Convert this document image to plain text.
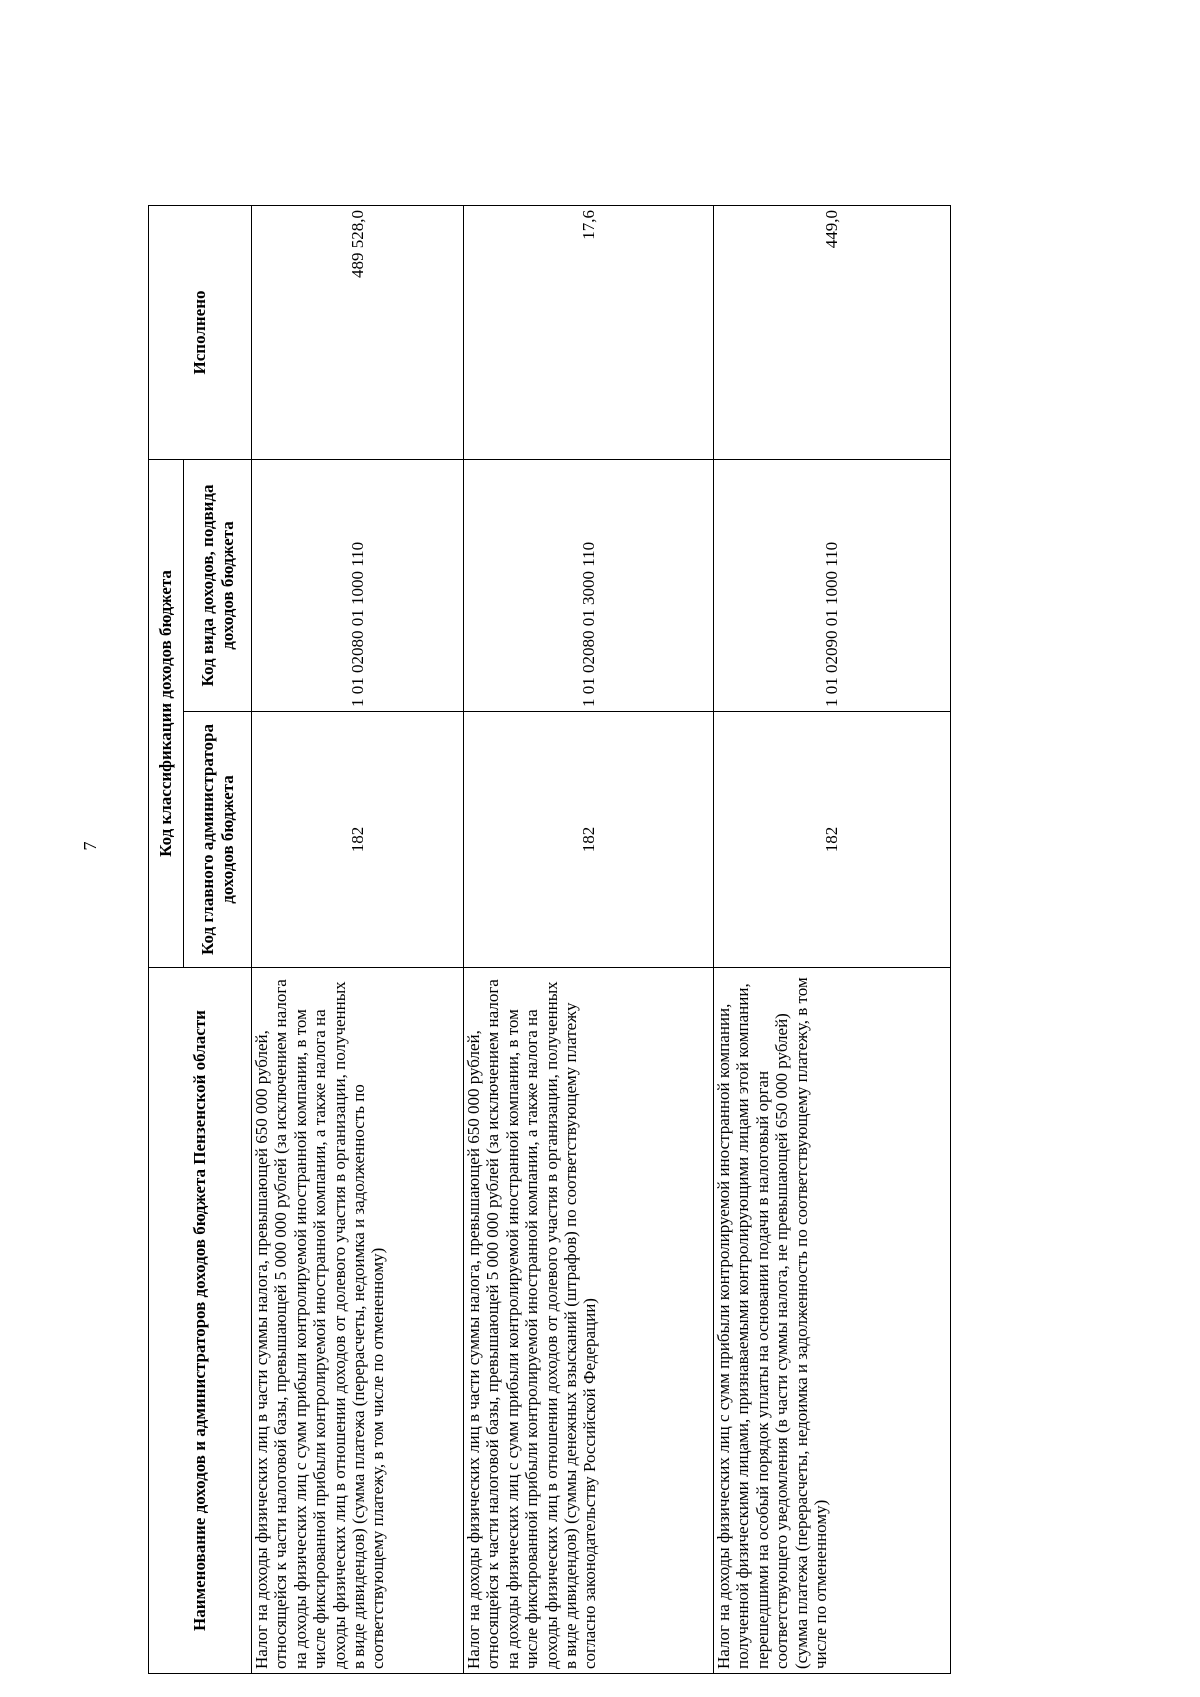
7
Наименование доходов и администраторов доходов бюджета Пензенской области	Код классификации доходов бюджета		Исполнено
	Код главного администратора доходов бюджета	Код вида доходов, подвида доходов бюджета	
Налог на доходы физических лиц в части суммы налога, превышающей 650 000 рублей, относящейся к части налоговой базы, превышающей 5 000 000 рублей (за исключением налога на доходы физических лиц с сумм прибыли контролируемой иностранной компании, в том числе фиксированной прибыли контролируемой иностранной компании, а также налога на доходы физических лиц в отношении доходов от долевого участия в организации, полученных в виде дивидендов) (сумма платежа (перерасчеты, недоимка и задолженность по соответствующему платежу, в том числе по отмененному)	182	1 01 02080 01 1000 110	489 528,0
Налог на доходы физических лиц в части суммы налога, превышающей 650 000 рублей, относящейся к части налоговой базы, превышающей 5 000 000 рублей (за исключением налога на доходы физических лиц с сумм прибыли контролируемой иностранной компании, в том числе фиксированной прибыли контролируемой иностранной компании, а также налога на доходы физических лиц в отношении доходов от долевого участия в организации, полученных в виде дивидендов) (суммы денежных взысканий (штрафов) по соответствующему платежу согласно законодательству Российской Федерации)	182	1 01 02080 01 3000 110	17,6
Налог на доходы физических лиц с сумм прибыли контролируемой иностранной компании, полученной физическими лицами, признаваемыми контролирующими лицами этой компании, перешедшими на особый порядок уплаты на основании подачи в налоговый орган соответствующего уведомления (в части суммы налога, не превышающей 650 000 рублей) (сумма платежа (перерасчеты, недоимка и задолженность по соответствующему платежу, в том числе по отмененному)	182	1 01 02090 01 1000 110	449,0
